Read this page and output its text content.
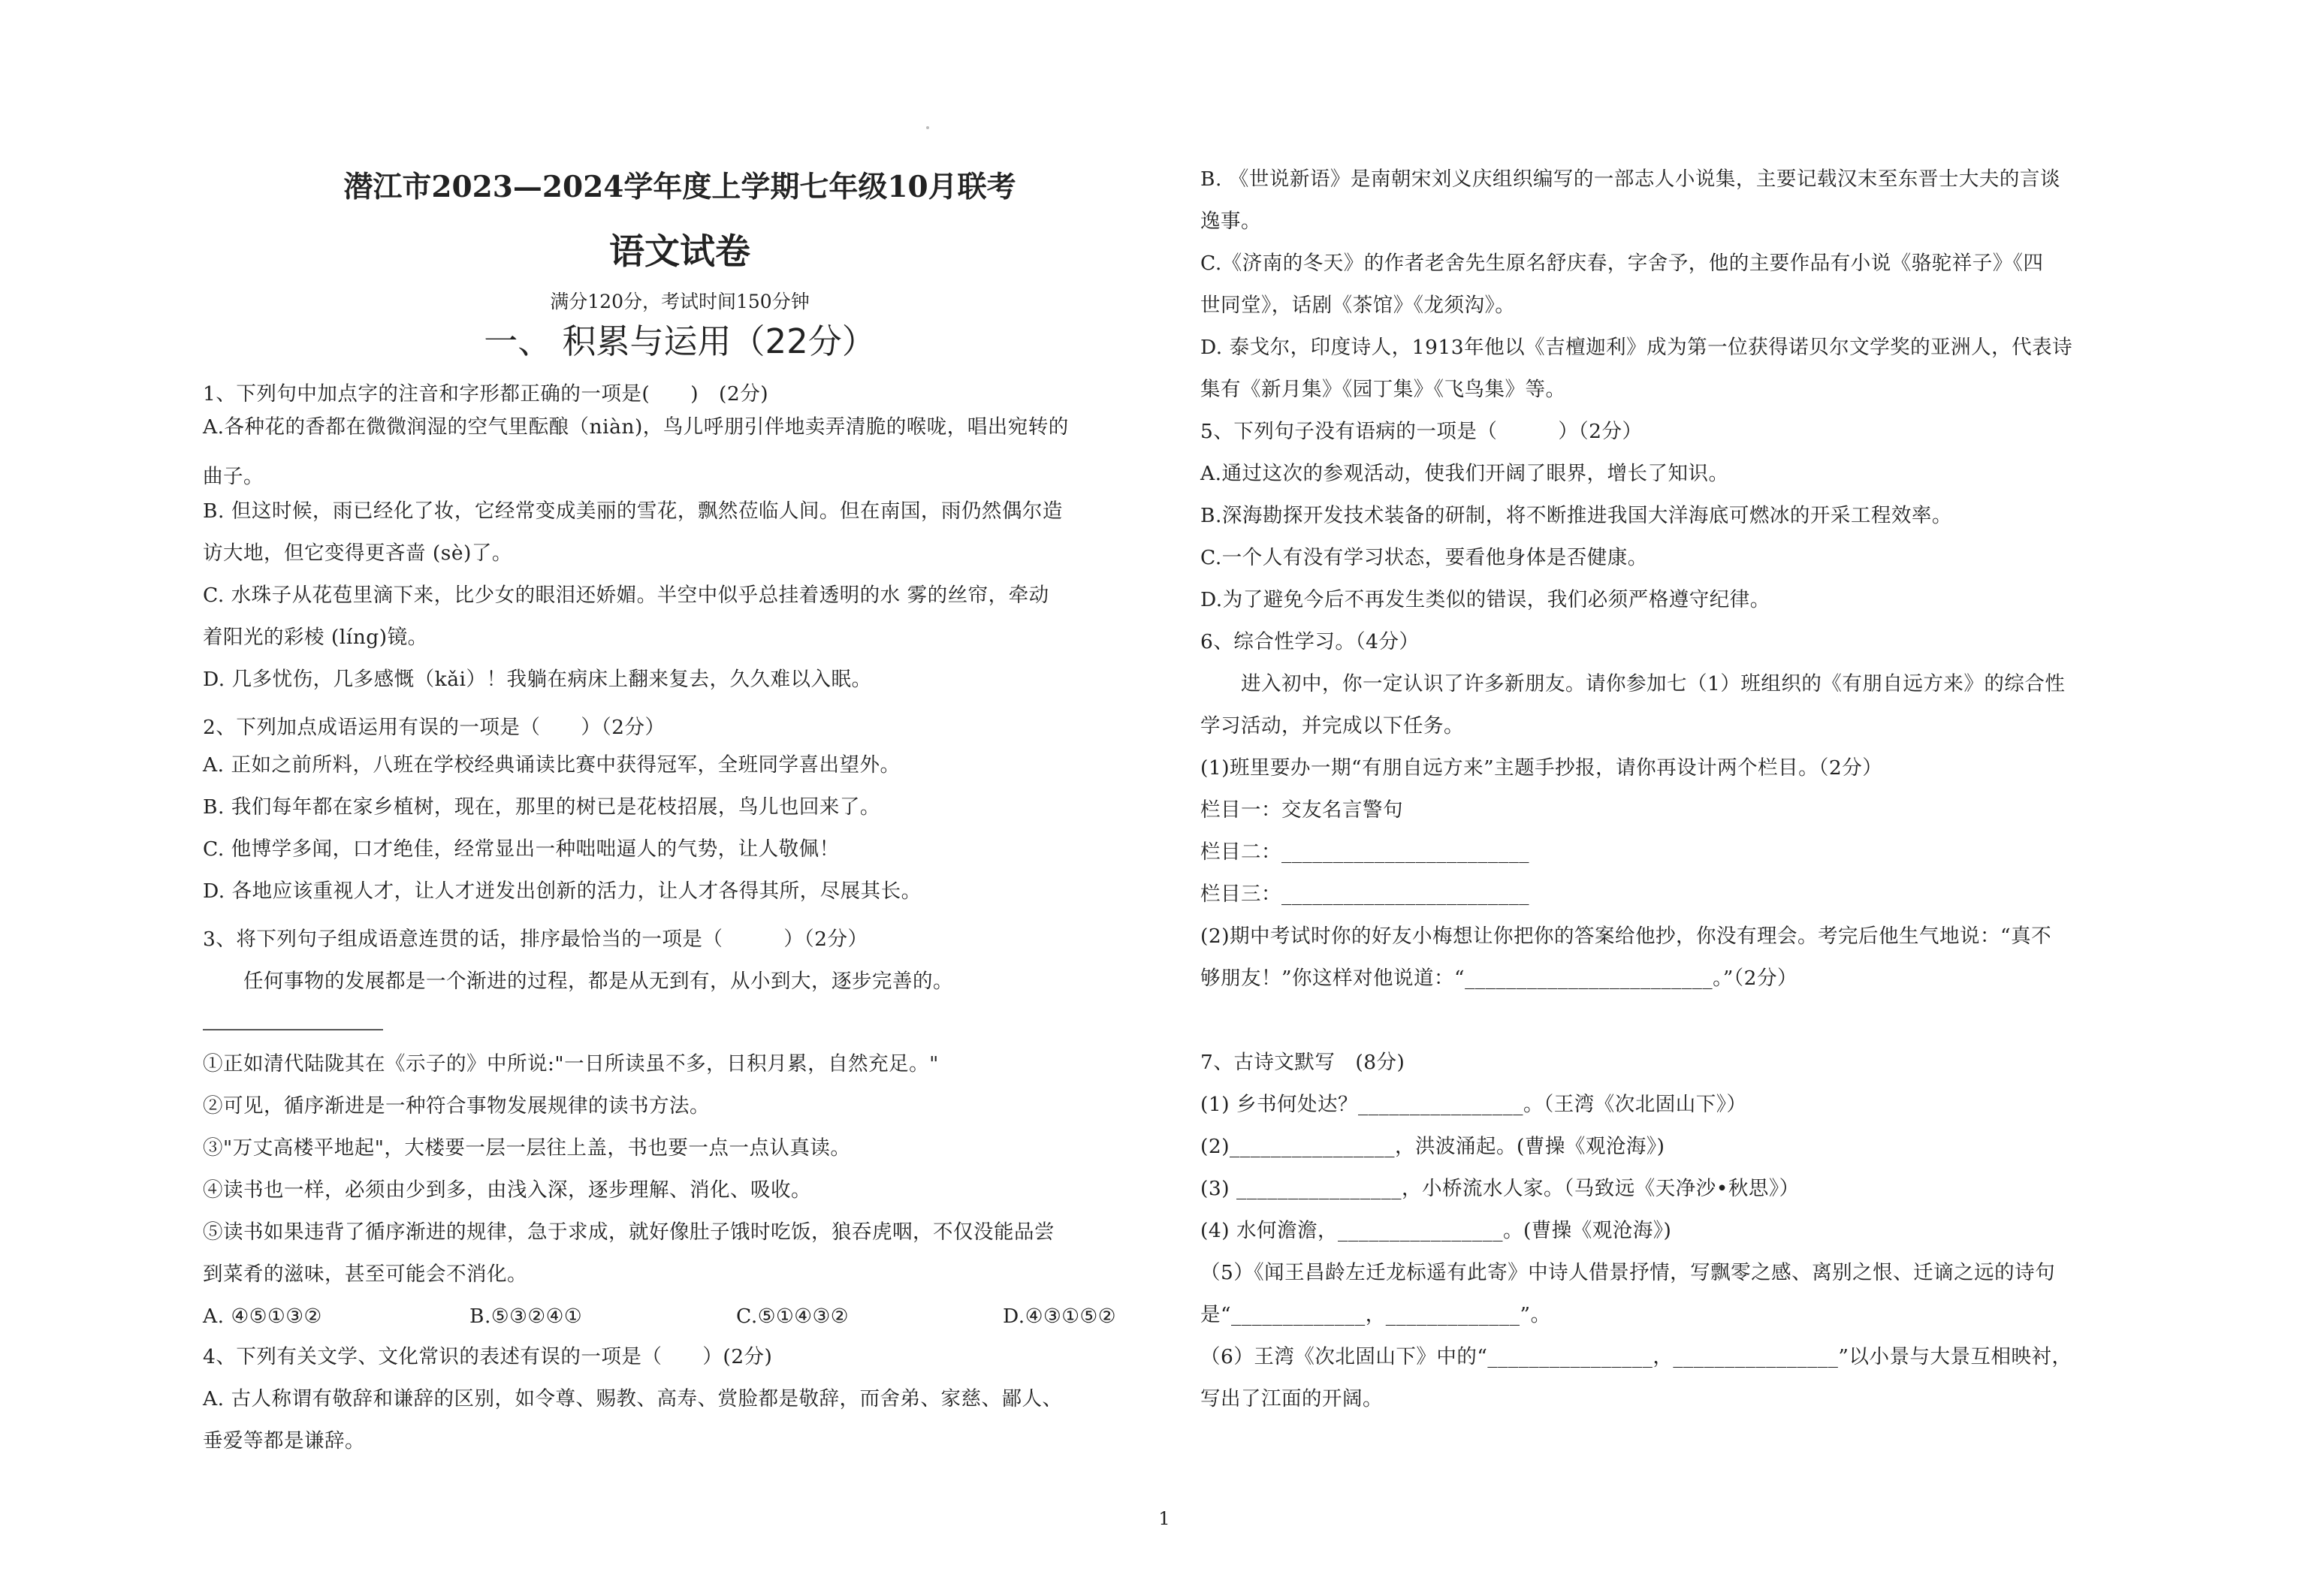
潜江市2023—2024学年度上学期七年级10月联考
语文试卷
满分120分，考试时间150分钟
一、 积累与运用（22分）
1、下列句中加点字的注音和字形都正确的一项是(　　)　(2分)
A.各种花的香都在微微润湿的空气里酝酿（niàn)，鸟儿呼朋引伴地卖弄清脆的喉咙，唱出宛转的
曲子。
B. 但这时候，雨已经化了妆，它经常变成美丽的雪花，飘然莅临人间。但在南国，雨仍然偶尔造
访大地，但它变得更吝啬 (sè)了。
C. 水珠子从花苞里滴下来，比少女的眼泪还娇媚。半空中似乎总挂着透明的水 雾的丝帘，牵动
着阳光的彩棱 (líng)镜。
D. 几多忧伤，几多感慨（kǎi）！我躺在病床上翻来复去，久久难以入眠。
2、下列加点成语运用有误的一项是（　　）（2分）
A. 正如之前所料，八班在学校经典诵读比赛中获得冠军，全班同学喜出望外。
B. 我们每年都在家乡植树，现在，那里的树已是花枝招展，鸟儿也回来了。
C. 他博学多闻，口才绝佳，经常显出一种咄咄逼人的气势，让人敬佩！
D. 各地应该重视人才，让人才迸发出创新的活力，让人才各得其所，尽展其长。
3、将下列句子组成语意连贯的话，排序最恰当的一项是（　　　）（2分）
　　任何事物的发展都是一个渐进的过程，都是从无到有，从小到大，逐步完善的。
①正如清代陆陇其在《示子的》中所说:"一日所读虽不多，日积月累，自然充足。"
②可见，循序渐进是一种符合事物发展规律的读书方法。
③"万丈高楼平地起"，大楼要一层一层往上盖，书也要一点一点认真读。
④读书也一样，必须由少到多，由浅入深，逐步理解、消化、吸收。
⑤读书如果违背了循序渐进的规律，急于求成，就好像肚子饿时吃饭，狼吞虎咽，不仅没能品尝
到菜肴的滋味，甚至可能会不消化。
A. ④⑤①③②	B.⑤③②④①	C.⑤①④③②	D.④③①⑤②
4、下列有关文学、文化常识的表述有误的一项是（　　）(2分)
A. 古人称谓有敬辞和谦辞的区别，如令尊、赐教、高寿、赏脸都是敬辞，而舍弟、家慈、鄙人、
垂爱等都是谦辞。
B. 《世说新语》是南朝宋刘义庆组织编写的一部志人小说集，主要记载汉末至东晋士大夫的言谈
逸事。
C.《济南的冬天》的作者老舍先生原名舒庆春，字舍予，他的主要作品有小说《骆驼祥子》《四
世同堂》，话剧《茶馆》《龙须沟》。
D. 泰戈尔，印度诗人，1913年他以《吉檀迦利》成为第一位获得诺贝尔文学奖的亚洲人，代表诗
集有《新月集》《园丁集》《飞鸟集》等。
5、下列句子没有语病的一项是（　　　）（2分）
A.通过这次的参观活动，使我们开阔了眼界，增长了知识。
B.深海勘探开发技术装备的研制，将不断推进我国大洋海底可燃冰的开采工程效率。
C.一个人有没有学习状态，要看他身体是否健康。
D.为了避免今后不再发生类似的错误，我们必须严格遵守纪律。
6、综合性学习。（4分）
　　进入初中，你一定认识了许多新朋友。请你参加七（1）班组织的《有朋自远方来》的综合性
学习活动，并完成以下任务。
(1)班里要办一期“有朋自远方来”主题手抄报，请你再设计两个栏目。（2分）
栏目一：交友名言警句
栏目二：________________________
栏目三：________________________
(2)期中考试时你的好友小梅想让你把你的答案给他抄，你没有理会。考完后他生气地说：“真不
够朋友！”你这样对他说道：“________________________。”（2分）
7、古诗文默写　(8分)
(1) 乡书何处达？________________。（王湾《次北固山下》）
(2)________________，洪波涌起。(曹操《观沧海》)
(3) ________________，小桥流水人家。（马致远《天净沙•秋思》）
(4) 水何澹澹，________________。(曹操《观沧海》)
（5）《闻王昌龄左迁龙标遥有此寄》中诗人借景抒情，写飘零之感、离别之恨、迁谪之远的诗句
是“_____________，_____________”。
（6）王湾《次北固山下》中的“________________，________________”以小景与大景互相映衬，
写出了江面的开阔。
1
